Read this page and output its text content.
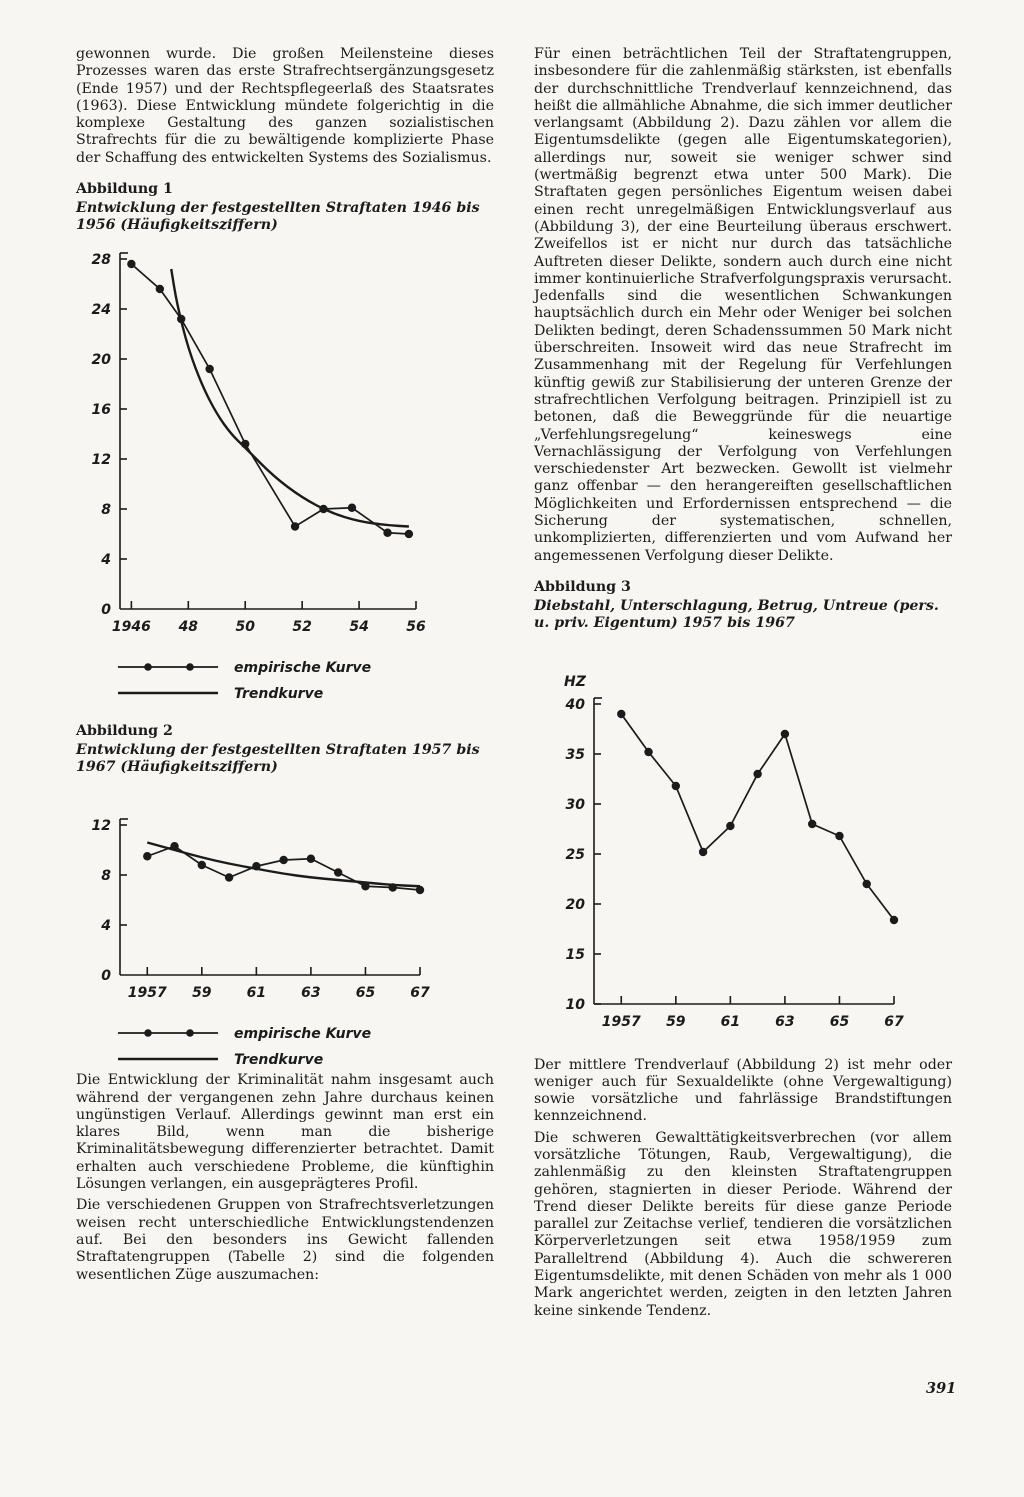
gewonnen wurde. Die großen Meilensteine dieses Prozesses waren das erste Strafrechtsergänzungsgesetz (Ende 1957) und der Rechtspflegeerlaß des Staatsrates (1963). Diese Entwicklung mündete folgerichtig in die komplexe Gestaltung des ganzen sozialistischen Strafrechts für die zu bewältigende komplizierte Phase der Schaffung des entwickelten Systems des Sozialismus.

Abbildung 1
Entwicklung der festgestellten Straftaten 1946 bis 1956 (Häufigkeitsziffern)
0
4
8
12
16
20
24
28
1946 48	50	52	54	56
empirische Kurve
Trendkurve
Abbildung 2
Entwicklung der festgestellten Straftaten 1957 bis 1967 (Häufigkeitsziffern)
0
4
8
12
1957 59	61	63	65	67
empirische Kurve
Trendkurve

Die Entwicklung der Kriminalität nahm insgesamt auch während der vergangenen zehn Jahre durchaus keinen ungünstigen Verlauf. Allerdings gewinnt man erst ein klares Bild, wenn man die bisherige Kriminalitätsbewegung differenzierter betrachtet. Damit erhalten auch verschiedene Probleme, die künftighin Lösungen verlangen, ein ausgeprägteres Profil.

Die verschiedenen Gruppen von Strafrechtsverletzungen weisen recht unterschiedliche Entwicklungstendenzen auf. Bei den besonders ins Gewicht fallenden Straftatengruppen (Tabelle 2) sind die folgenden wesentlichen Züge auszumachen:

Für einen beträchtlichen Teil der Straftatengruppen, insbesondere für die zahlenmäßig stärksten, ist ebenfalls der durchschnittliche Trendverlauf kennzeichnend, das heißt die allmähliche Abnahme, die sich immer deutlicher verlangsamt (Abbildung 2). Dazu zählen vor allem die Eigentumsdelikte (gegen alle Eigentumskategorien), allerdings nur, soweit sie weniger schwer sind (wertmäßig begrenzt etwa unter 500 Mark). Die Straftaten gegen persönliches Eigentum weisen dabei einen recht unregelmäßigen Entwicklungsverlauf aus (Abbildung 3), der eine Beurteilung überaus erschwert. Zweifellos ist er nicht nur durch das tatsächliche Auftreten dieser Delikte, sondern auch durch eine nicht immer kontinuierliche Strafverfolgungspraxis verursacht. Jedenfalls sind die wesentlichen Schwankungen hauptsächlich durch ein Mehr oder Weniger bei solchen Delikten bedingt, deren Schadenssummen 50 Mark nicht überschreiten. Insoweit wird das neue Strafrecht im Zusammenhang mit der Regelung für Verfehlungen künftig gewiß zur Stabilisierung der unteren Grenze der strafrechtlichen Verfolgung beitragen. Prinzipiell ist zu betonen, daß die Beweggründe für die neuartige „Verfehlungsregelung“ keineswegs eine Vernachlässigung der Verfolgung von Verfehlungen verschiedenster Art bezwecken. Gewollt ist vielmehr ganz offenbar — den herangereiften gesellschaftlichen Möglichkeiten und Erfordernissen entsprechend — die Sicherung der systematischen, schnellen, unkomplizierten, differenzierten und vom Aufwand her angemessenen Verfolgung dieser Delikte.

Abbildung 3
Diebstahl, Unterschlagung, Betrug, Untreue (pers. u. priv. Eigentum) 1957 bis 1967
10
15
20
25
30
35
40
1957 59	61	63	65	67
HZ

Der mittlere Trendverlauf (Abbildung 2) ist mehr oder weniger auch für Sexualdelikte (ohne Vergewaltigung) sowie vorsätzliche und fahrlässige Brandstiftungen kennzeichnend.

Die schweren Gewalttätigkeitsverbrechen (vor allem vorsätzliche Tötungen, Raub, Vergewaltigung), die zahlenmäßig zu den kleinsten Straftatengruppen gehören, stagnierten in dieser Periode. Während der Trend dieser Delikte bereits für diese ganze Periode parallel zur Zeitachse verlief, tendieren die vorsätzlichen Körperverletzungen seit etwa 1958/1959 zum Paralleltrend (Abbildung 4). Auch die schwereren Eigentumsdelikte, mit denen Schäden von mehr als 1 000 Mark angerichtet werden, zeigten in den letzten Jahren keine sinkende Tendenz.

391
